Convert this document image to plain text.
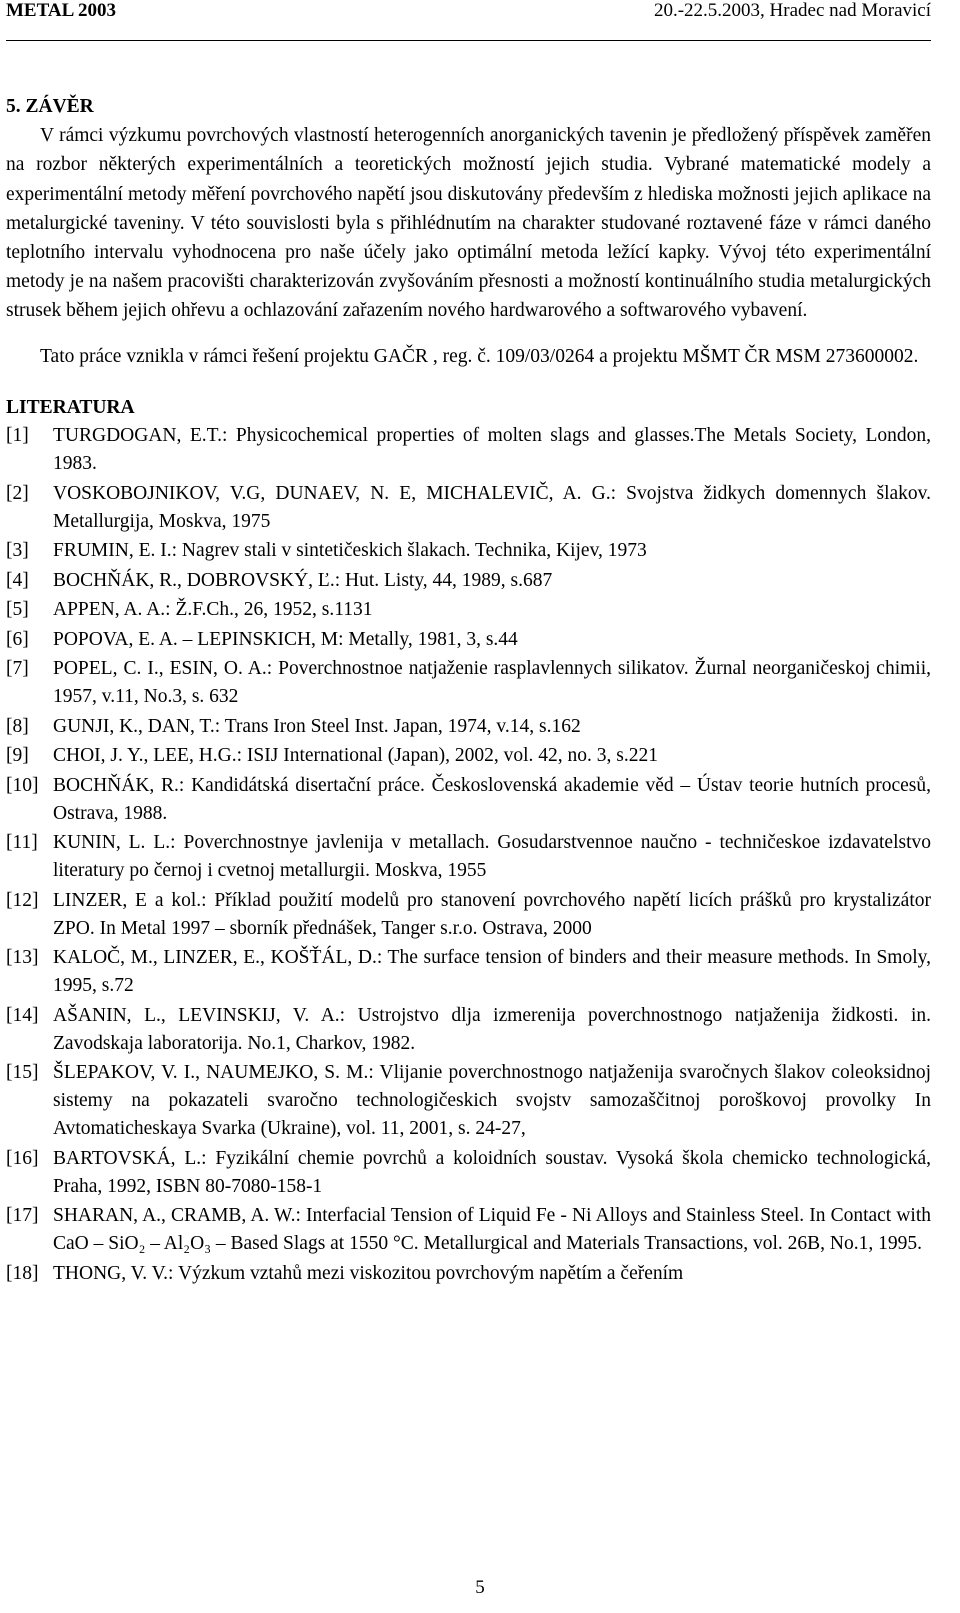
METAL 2003	20.-22.5.2003, Hradec nad Moravicí
5. ZÁVĚR

V rámci výzkumu povrchových vlastností heterogenních anorganických tavenin je předložený příspěvek zaměřen na rozbor některých experimentálních a teoretických možností jejich studia. Vybrané matematické modely a experimentální metody měření povrchového napětí jsou diskutovány především z hlediska možnosti jejich aplikace na metalurgické taveniny. V této souvislosti byla s přihlédnutím na charakter studované roztavené fáze v rámci daného teplotního intervalu vyhodnocena pro naše účely jako optimální metoda ležící kapky. Vývoj této experimentální metody je na našem pracovišti charakterizován zvyšováním přesnosti a možností kontinuálního studia metalurgických strusek během jejich ohřevu a ochlazování zařazením nového hardwarového a softwarového vybavení.

Tato práce vznikla v rámci řešení projektu GAČR , reg. č. 109/03/0264 a projektu MŠMT ČR MSM 273600002.

LITERATURA
[1] TURGDOGAN, E.T.: Physicochemical properties of molten slags and glasses.The Metals Society, London, 1983.
[2] VOSKOBOJNIKOV, V.G, DUNAEV, N. E, MICHALEVIČ, A. G.: Svojstva židkych domennych šlakov. Metallurgija, Moskva, 1975
[3] FRUMIN, E. I.: Nagrev stali v sintetičeskich šlakach. Technika, Kijev, 1973
[4] BOCHŇÁK, R., DOBROVSKÝ, Ľ.: Hut. Listy, 44, 1989, s.687
[5] APPEN, A. A.: Ž.F.Ch., 26, 1952, s.1131
[6] POPOVA, E. A. – LEPINSKICH, M: Metally, 1981, 3, s.44
[7] POPEL, C. I., ESIN, O. A.: Poverchnostnoe natjaženie rasplavlennych silikatov. Žurnal neorganičeskoj chimii, 1957, v.11, No.3, s. 632
[8] GUNJI, K., DAN, T.: Trans Iron Steel Inst. Japan, 1974, v.14, s.162
[9] CHOI, J. Y., LEE, H.G.: ISIJ International (Japan), 2002, vol. 42, no. 3, s.221
[10] BOCHŇÁK, R.: Kandidátská disertační práce. Československá akademie věd – Ústav teorie hutních procesů, Ostrava, 1988.
[11] KUNIN, L. L.: Poverchnostnye javlenija v metallach. Gosudarstvennoe naučno - techničeskoe izdavatelstvo literatury po černoj i cvetnoj metallurgii. Moskva, 1955
[12] LINZER, E a kol.: Příklad použití modelů pro stanovení povrchového napětí licích prášků pro krystalizátor ZPO. In Metal 1997 – sborník přednášek, Tanger s.r.o. Ostrava, 2000
[13] KALOČ, M., LINZER, E., KOŠŤÁL, D.: The surface tension of binders and their measure methods. In Smoly, 1995, s.72
[14] AŠANIN, L., LEVINSKIJ, V. A.: Ustrojstvo dlja izmerenija poverchnostnogo natjaženija židkosti. in. Zavodskaja laboratorija. No.1, Charkov, 1982.
[15] ŠLEPAKOV, V. I., NAUMEJKO, S. M.: Vlijanie poverchnostnogo natjaženija svaročnych šlakov coleoksidnoj sistemy na pokazateli svaročno technologičeskich svojstv samozaščitnoj poroškovoj provolky In Avtomaticheskaya Svarka (Ukraine), vol. 11, 2001, s. 24-27,
[16] BARTOVSKÁ, L.: Fyzikální chemie povrchů a koloidních soustav. Vysoká škola chemicko technologická, Praha, 1992, ISBN 80-7080-158-1
[17] SHARAN, A., CRAMB, A. W.: Interfacial Tension of Liquid Fe - Ni Alloys and Stainless Steel. In Contact with CaO – SiO₂ – Al₂O₃ – Based Slags at 1550 °C. Metallurgical and Materials Transactions, vol. 26B, No.1, 1995.
[18] THONG, V. V.: Výzkum vztahů mezi viskozitou povrchovým napětím a čeřením
5
